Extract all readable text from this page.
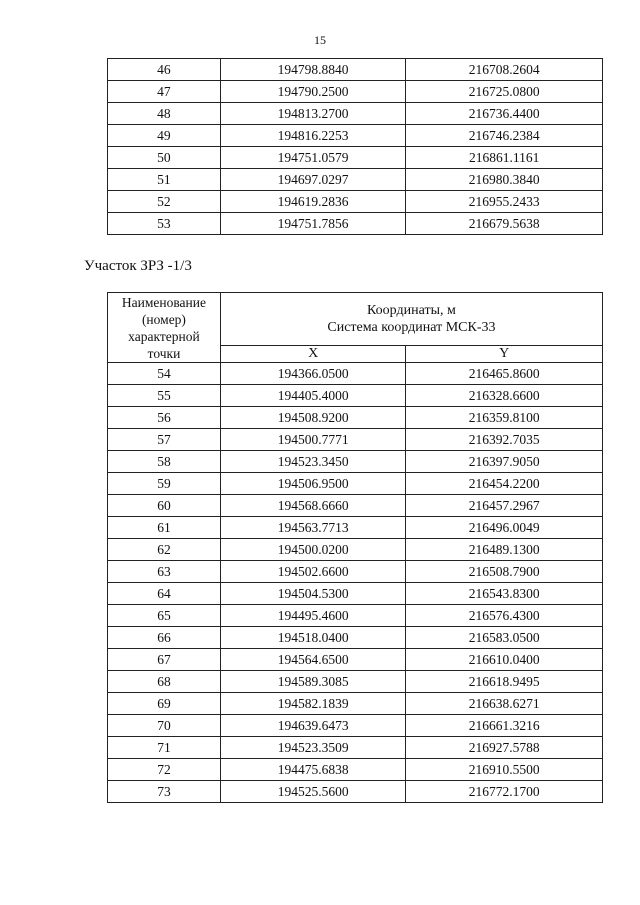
15
46	194798.8840	216708.2604
47	194790.2500	216725.0800
48	194813.2700	216736.4400
49	194816.2253	216746.2384
50	194751.0579	216861.1161
51	194697.0297	216980.3840
52	194619.2836	216955.2433
53	194751.7856	216679.5638
Участок ЗРЗ -1/3
Наименование
(номер)
характерной
точки	Координаты, м
Система координат МСК-33	
	X	Y
54	194366.0500	216465.8600
55	194405.4000	216328.6600
56	194508.9200	216359.8100
57	194500.7771	216392.7035
58	194523.3450	216397.9050
59	194506.9500	216454.2200
60	194568.6660	216457.2967
61	194563.7713	216496.0049
62	194500.0200	216489.1300
63	194502.6600	216508.7900
64	194504.5300	216543.8300
65	194495.4600	216576.4300
66	194518.0400	216583.0500
67	194564.6500	216610.0400
68	194589.3085	216618.9495
69	194582.1839	216638.6271
70	194639.6473	216661.3216
71	194523.3509	216927.5788
72	194475.6838	216910.5500
73	194525.5600	216772.1700
